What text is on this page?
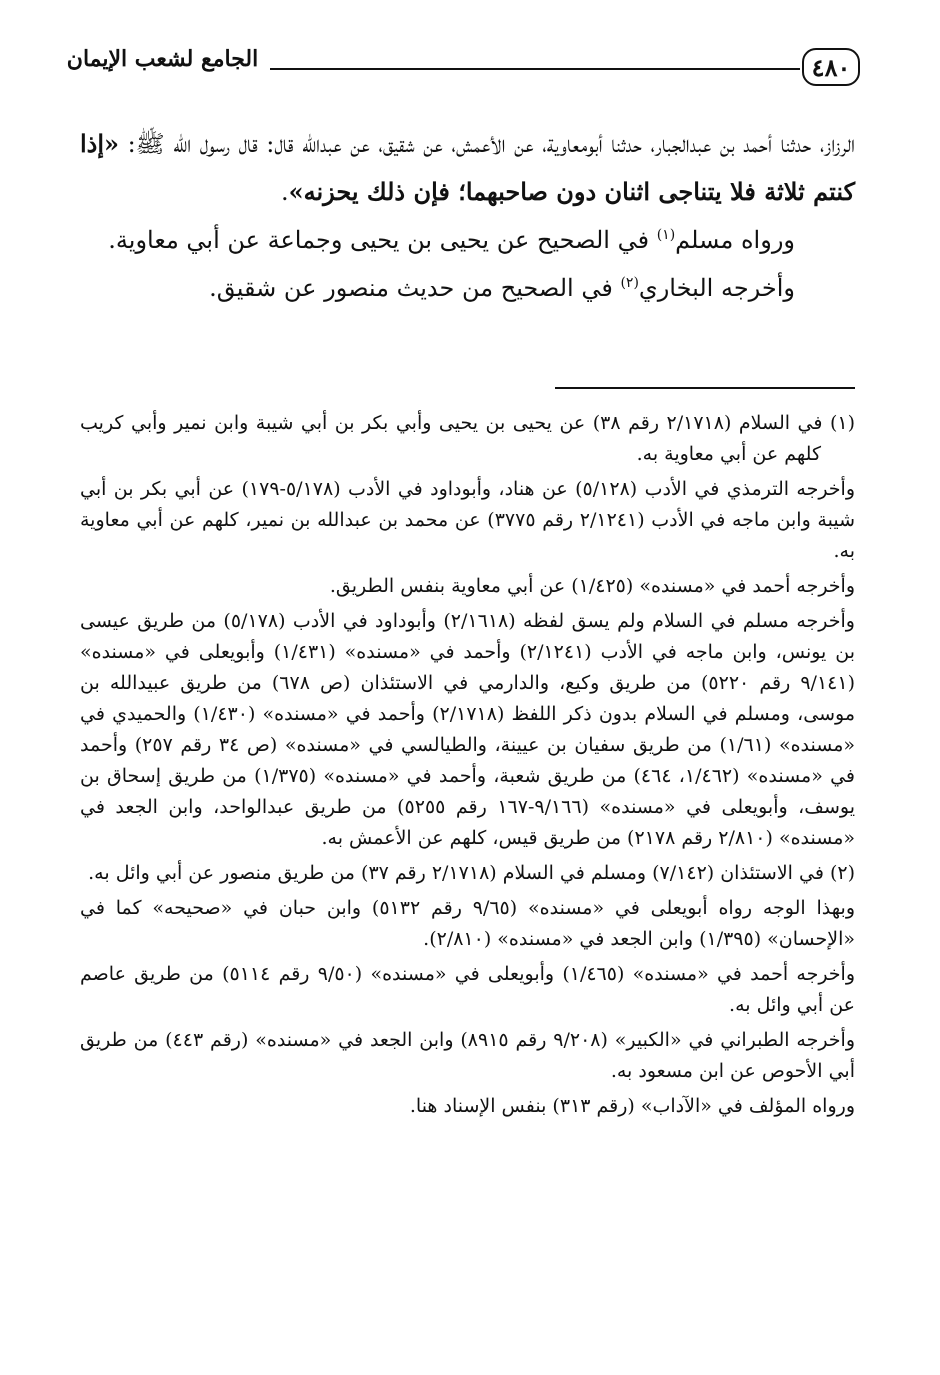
٤٨٠
الجامع لشعب الإيمان

الرزاز، حدثنا أحمد بن عبدالجبار، حدثنا أبومعاوية، عن الأعمش، عن شقيق، عن عبدالله قال: قال رسول الله ﷺ: «إذا كنتم ثلاثة فلا يتناجى اثنان دون صاحبهما؛ فإن ذلك يحزنه».

ورواه مسلم$^{(١)}$ في الصحيح عن يحيى بن يحيى وجماعة عن أبي معاوية.

وأخرجه البخاري$^{(٢)}$ في الصحيح من حديث منصور عن شقيق.

(١) في السلام (٢/١٧١٨ رقم ٣٨) عن يحيى بن يحيى وأبي بكر بن أبي شيبة وابن نمير وأبي كريب كلهم عن أبي معاوية به.

وأخرجه الترمذي في الأدب (٥/١٢٨) عن هناد، وأبوداود في الأدب (٥/١٧٨-١٧٩) عن أبي بكر بن أبي شيبة وابن ماجه في الأدب (٢/١٢٤١ رقم ٣٧٧٥) عن محمد بن عبدالله بن نمير، كلهم عن أبي معاوية به.

وأخرجه أحمد في «مسنده» (١/٤٢٥) عن أبي معاوية بنفس الطريق.

وأخرجه مسلم في السلام ولم يسق لفظه (٢/١٦١٨) وأبوداود في الأدب (٥/١٧٨) من طريق عيسى بن يونس، وابن ماجه في الأدب (٢/١٢٤١) وأحمد في «مسنده» (١/٤٣١) وأبويعلى في «مسنده» (٩/١٤١ رقم ٥٢٢٠) من طريق وكيع، والدارمي في الاستئذان (ص ٦٧٨) من طريق عبيدالله بن موسى، ومسلم في السلام بدون ذكر اللفظ (٢/١٧١٨) وأحمد في «مسنده» (١/٤٣٠) والحميدي في «مسنده» (١/٦١) من طريق سفيان بن عيينة، والطيالسي في «مسنده» (ص ٣٤ رقم ٢٥٧) وأحمد في «مسنده» (١/٤٦٢، ٤٦٤) من طريق شعبة، وأحمد في «مسنده» (١/٣٧٥) من طريق إسحاق بن يوسف، وأبويعلى في «مسنده» (٩/١٦٦-١٦٧ رقم ٥٢٥٥) من طريق عبدالواحد، وابن الجعد في «مسنده» (٢/٨١٠ رقم ٢١٧٨) من طريق قيس، كلهم عن الأعمش به.

(٢) في الاستئذان (٧/١٤٢) ومسلم في السلام (٢/١٧١٨ رقم ٣٧) من طريق منصور عن أبي وائل به.

وبهذا الوجه رواه أبويعلى في «مسنده» (٩/٦٥ رقم ٥١٣٢) وابن حبان في «صحيحه» كما في «الإحسان» (١/٣٩٥) وابن الجعد في «مسنده» (٢/٨١٠).

وأخرجه أحمد في «مسنده» (١/٤٦٥) وأبويعلى في «مسنده» (٩/٥٠ رقم ٥١١٤) من طريق عاصم عن أبي وائل به.

وأخرجه الطبراني في «الكبير» (٩/٢٠٨ رقم ٨٩١٥) وابن الجعد في «مسنده» (رقم ٤٤٣) من طريق أبي الأحوص عن ابن مسعود به.

ورواه المؤلف في «الآداب» (رقم ٣١٣) بنفس الإسناد هنا.
